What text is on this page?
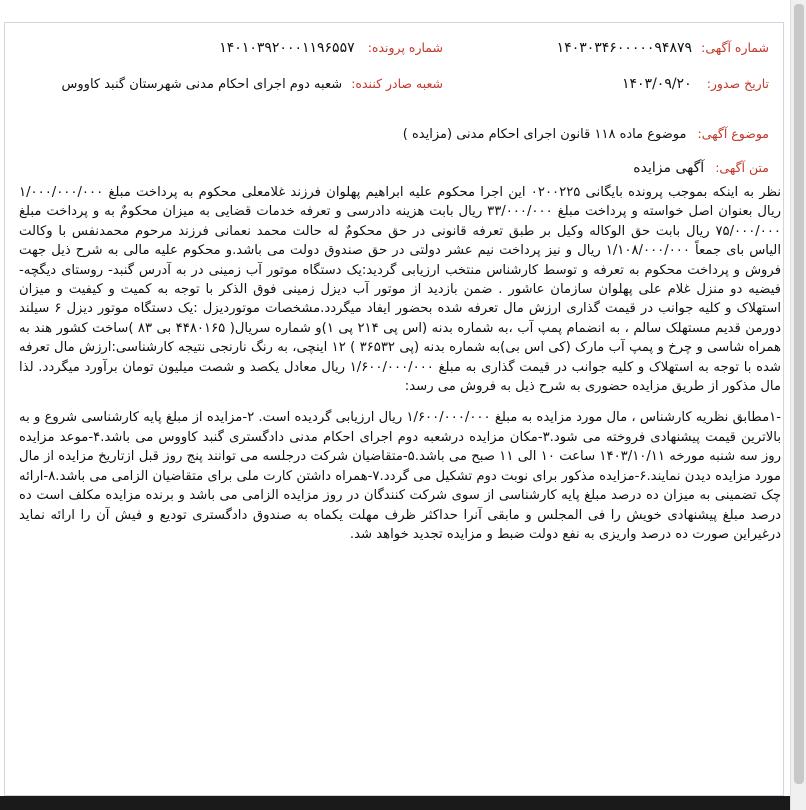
شماره آگهی: ۱۴۰۳۰۳۴۶۰۰۰۰۰۹۴۸۷۹
شماره پرونده: ۱۴۰۱۰۳۹۲۰۰۰۱۱۹۶۵۵۷
تاریخ صدور: ۱۴۰۳/۰۹/۲۰
شعبه صادر کننده: شعبه دوم اجرای احکام مدنی شهرستان گنبد کاووس
موضوع آگهی: موضوع ماده ۱۱۸ قانون اجرای احکام مدنی (مزایده )
متن آگهی: آگهی مزایده

نظر به اینکه بموجب پرونده بایگانی ۰۲۰۰۲۲۵ این اجرا محکوم علیه ابراهیم پهلوان فرزند غلامعلی محکوم به پرداخت مبلغ ۱/۰۰۰/۰۰۰/۰۰۰ ریال بعنوان اصل خواسته و پرداخت مبلغ ۳۳/۰۰۰/۰۰۰ ریال بابت هزینه دادرسی و تعرفه خدمات قضایی به میزان محکومٌ به و پرداخت مبلغ ۷۵/۰۰۰/۰۰۰ ریال بابت حق الوکاله وکیل بر طبق تعرفه قانونی در حق محکومٌ له حالت محمد نعمانی فرزند مرحوم محمدنفس با وکالت الیاس بای جمعاً ۱/۱۰۸/۰۰۰/۰۰۰ ریال و نیز پرداخت نیم عشر دولتی در حق صندوق دولت می باشد.و محکوم علیه مالی به شرح ذیل جهت فروش و پرداخت محکوم به تعرفه و توسط کارشناس منتخب ارزیابی گردید:یک دستگاه موتور آب زمینی در به آدرس گنبد- روستای دیگچه- فیضیه دو منزل غلام علی پهلوان سازمان عاشور . ضمن بازدید از موتور آب دیزل زمینی فوق الذکر با توجه به کمیت و کیفیت و میزان استهلاک و کلیه جوانب در قیمت گذاری ارزش مال تعرفه شده بحضور ایفاد میگردد.مشخصات موتوردیزل :یک دستگاه موتور دیزل ۶ سیلند دورمن قدیم مستهلک سالم ، به انضمام پمپ آب ،به شماره بدنه (اس پی ۲۱۴ پی ۱)و شماره سریال( ۴۴۸۰۱۶۵ بی ۸۳ )ساخت کشور هند به همراه شاسی و چرخ و پمپ آب مارک (کی اس بی)به شماره بدنه (پی ۳۶۵۳۲ ) ۱۲ اینچی، به رنگ نارنجی نتیجه کارشناسی:ارزش مال تعرفه شده با توجه به استهلاک و کلیه جوانب در قیمت گذاری به مبلغ ۱/۶۰۰/۰۰۰/۰۰۰ ریال معادل یکصد و شصت میلیون تومان برآورد میگردد. لذا مال مذکور از طریق مزایده حضوری به شرح ذیل به فروش می رسد:

-۱مطابق نظریه کارشناس ، مال مورد مزایده به مبلغ ۱/۶۰۰/۰۰۰/۰۰۰ ریال ارزیابی گردیده است. ۲-مزایده از مبلغ پایه کارشناسی شروع و به بالاترین قیمت پیشنهادی فروخته می شود.۳-مکان مزایده درشعبه دوم اجرای احکام مدنی دادگستری گنبد کاووس می باشد.۴-موعد مزایده روز سه شنبه مورخه ۱۴۰۳/۱۰/۱۱ ساعت ۱۰ الی ۱۱ صبح می باشد.۵-متقاضیان شرکت درجلسه می توانند پنج روز قبل ازتاریخ مزایده از مال مورد مزایده دیدن نمایند.۶-مزایده مذکور برای نوبت دوم تشکیل می گردد.۷-همراه داشتن کارت ملی برای متقاضیان الزامی می باشد.۸-ارائه چک تضمینی به میزان ده درصد مبلغ پایه کارشناسی از سوی شرکت کنندگان در روز مزایده الزامی می باشد و برنده مزایده مکلف است ده درصد مبلغ پیشنهادی خویش را فی المجلس و مابقی آنرا حداکثر ظرف مهلت یکماه به صندوق دادگستری تودیع و فیش آن را ارائه نماید درغیراین صورت ده درصد واریزی به نفع دولت ضبط و مزایده تجدید خواهد شد.
